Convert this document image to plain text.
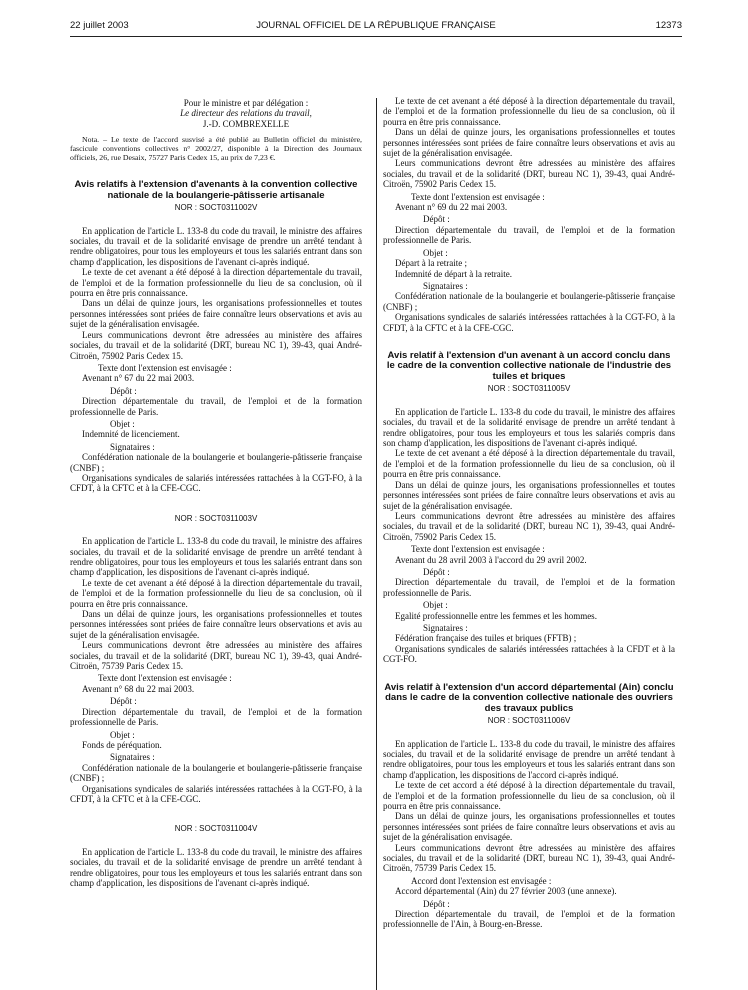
22 juillet 2003	JOURNAL OFFICIEL DE LA RÉPUBLIQUE FRANÇAISE	12373

Pour le ministre et par délégation :

Le directeur des relations du travail,

J.-D. COMBREXELLE

Nota. – Le texte de l'accord susvisé a été publié au Bulletin officiel du ministère, fascicule conventions collectives n° 2002/27, disponible à la Direction des Journaux officiels, 26, rue Desaix, 75727 Paris Cedex 15, au prix de 7,23 €.

Avis relatifs à l'extension d'avenants à la convention collective nationale de la boulangerie-pâtisserie artisanale

NOR : SOCT0311002V

En application de l'article L. 133-8 du code du travail, le ministre des affaires sociales, du travail et de la solidarité envisage de prendre un arrêté tendant à rendre obligatoires, pour tous les employeurs et tous les salariés entrant dans son champ d'application, les dispositions de l'avenant ci-après indiqué.

Le texte de cet avenant a été déposé à la direction départementale du travail, de l'emploi et de la formation professionnelle du lieu de sa conclusion, où il pourra en être pris connaissance.

Dans un délai de quinze jours, les organisations professionnelles et toutes personnes intéressées sont priées de faire connaître leurs observations et avis au sujet de la généralisation envisagée.

Leurs communications devront être adressées au ministère des affaires sociales, du travail et de la solidarité (DRT, bureau NC 1), 39-43, quai André-Citroën, 75902 Paris Cedex 15.

Texte dont l'extension est envisagée :

Avenant n° 67 du 22 mai 2003.

Dépôt :

Direction départementale du travail, de l'emploi et de la formation professionnelle de Paris.

Objet :

Indemnité de licenciement.

Signataires :

Confédération nationale de la boulangerie et boulangerie-pâtisserie française (CNBF) ;

Organisations syndicales de salariés intéressées rattachées à la CGT-FO, à la CFDT, à la CFTC et à la CFE-CGC.

NOR : SOCT0311003V

En application de l'article L. 133-8 du code du travail, le ministre des affaires sociales, du travail et de la solidarité envisage de prendre un arrêté tendant à rendre obligatoires, pour tous les employeurs et tous les salariés entrant dans son champ d'application, les dispositions de l'avenant ci-après indiqué.

Le texte de cet avenant a été déposé à la direction départementale du travail, de l'emploi et de la formation professionnelle du lieu de sa conclusion, où il pourra en être pris connaissance.

Dans un délai de quinze jours, les organisations professionnelles et toutes personnes intéressées sont priées de faire connaître leurs observations et avis au sujet de la généralisation envisagée.

Leurs communications devront être adressées au ministère des affaires sociales, du travail et de la solidarité (DRT, bureau NC 1), 39-43, quai André-Citroën, 75739 Paris Cedex 15.

Texte dont l'extension est envisagée :

Avenant n° 68 du 22 mai 2003.

Dépôt :

Direction départementale du travail, de l'emploi et de la formation professionnelle de Paris.

Objet :

Fonds de péréquation.

Signataires :

Confédération nationale de la boulangerie et boulangerie-pâtisserie française (CNBF) ;

Organisations syndicales de salariés intéressées rattachées à la CGT-FO, à la CFDT, à la CFTC et à la CFE-CGC.

NOR : SOCT0311004V

En application de l'article L. 133-8 du code du travail, le ministre des affaires sociales, du travail et de la solidarité envisage de prendre un arrêté tendant à rendre obligatoires, pour tous les employeurs et tous les salariés entrant dans son champ d'application, les dispositions de l'avenant ci-après indiqué.

Le texte de cet avenant a été déposé à la direction départementale du travail, de l'emploi et de la formation professionnelle du lieu de sa conclusion, où il pourra en être pris connaissance.

Dans un délai de quinze jours, les organisations professionnelles et toutes personnes intéressées sont priées de faire connaître leurs observations et avis au sujet de la généralisation envisagée.

Leurs communications devront être adressées au ministère des affaires sociales, du travail et de la solidarité (DRT, bureau NC 1), 39-43, quai André-Citroën, 75902 Paris Cedex 15.

Texte dont l'extension est envisagée :

Avenant n° 69 du 22 mai 2003.

Dépôt :

Direction départementale du travail, de l'emploi et de la formation professionnelle de Paris.

Objet :

Départ à la retraite ;

Indemnité de départ à la retraite.

Signataires :

Confédération nationale de la boulangerie et boulangerie-pâtisserie française (CNBF) ;

Organisations syndicales de salariés intéressées rattachées à la CGT-FO, à la CFDT, à la CFTC et à la CFE-CGC.

Avis relatif à l'extension d'un avenant à un accord conclu dans le cadre de la convention collective nationale de l'industrie des tuiles et briques

NOR : SOCT0311005V

En application de l'article L. 133-8 du code du travail, le ministre des affaires sociales, du travail et de la solidarité envisage de prendre un arrêté tendant à rendre obligatoires, pour tous les employeurs et tous les salariés compris dans son champ d'application, les dispositions de l'avenant ci-après indiqué.

Le texte de cet avenant a été déposé à la direction départementale du travail, de l'emploi et de la formation professionnelle du lieu de sa conclusion, où il pourra en être pris connaissance.

Dans un délai de quinze jours, les organisations professionnelles et toutes personnes intéressées sont priées de faire connaître leurs observations et avis au sujet de la généralisation envisagée.

Leurs communications devront être adressées au ministère des affaires sociales, du travail et de la solidarité (DRT, bureau NC 1), 39-43, quai André-Citroën, 75902 Paris Cedex 15.

Texte dont l'extension est envisagée :

Avenant du 28 avril 2003 à l'accord du 29 avril 2002.

Dépôt :

Direction départementale du travail, de l'emploi et de la formation professionnelle de Paris.

Objet :

Egalité professionnelle entre les femmes et les hommes.

Signataires :

Fédération française des tuiles et briques (FFTB) ;

Organisations syndicales de salariés intéressées rattachées à la CFDT et à la CGT-FO.

Avis relatif à l'extension d'un accord départemental (Ain) conclu dans le cadre de la convention collective nationale des ouvriers des travaux publics

NOR : SOCT0311006V

En application de l'article L. 133-8 du code du travail, le ministre des affaires sociales, du travail et de la solidarité envisage de prendre un arrêté tendant à rendre obligatoires, pour tous les employeurs et tous les salariés entrant dans son champ d'application, les dispositions de l'accord ci-après indiqué.

Le texte de cet accord a été déposé à la direction départementale du travail, de l'emploi et de la formation professionnelle du lieu de sa conclusion, où il pourra en être pris connaissance.

Dans un délai de quinze jours, les organisations professionnelles et toutes personnes intéressées sont priées de faire connaître leurs observations et avis au sujet de la généralisation envisagée.

Leurs communications devront être adressées au ministère des affaires sociales, du travail et de la solidarité (DRT, bureau NC 1), 39-43, quai André-Citroën, 75739 Paris Cedex 15.

Accord dont l'extension est envisagée :

Accord départemental (Ain) du 27 février 2003 (une annexe).

Dépôt :

Direction départementale du travail, de l'emploi et de la formation professionnelle de l'Ain, à Bourg-en-Bresse.
